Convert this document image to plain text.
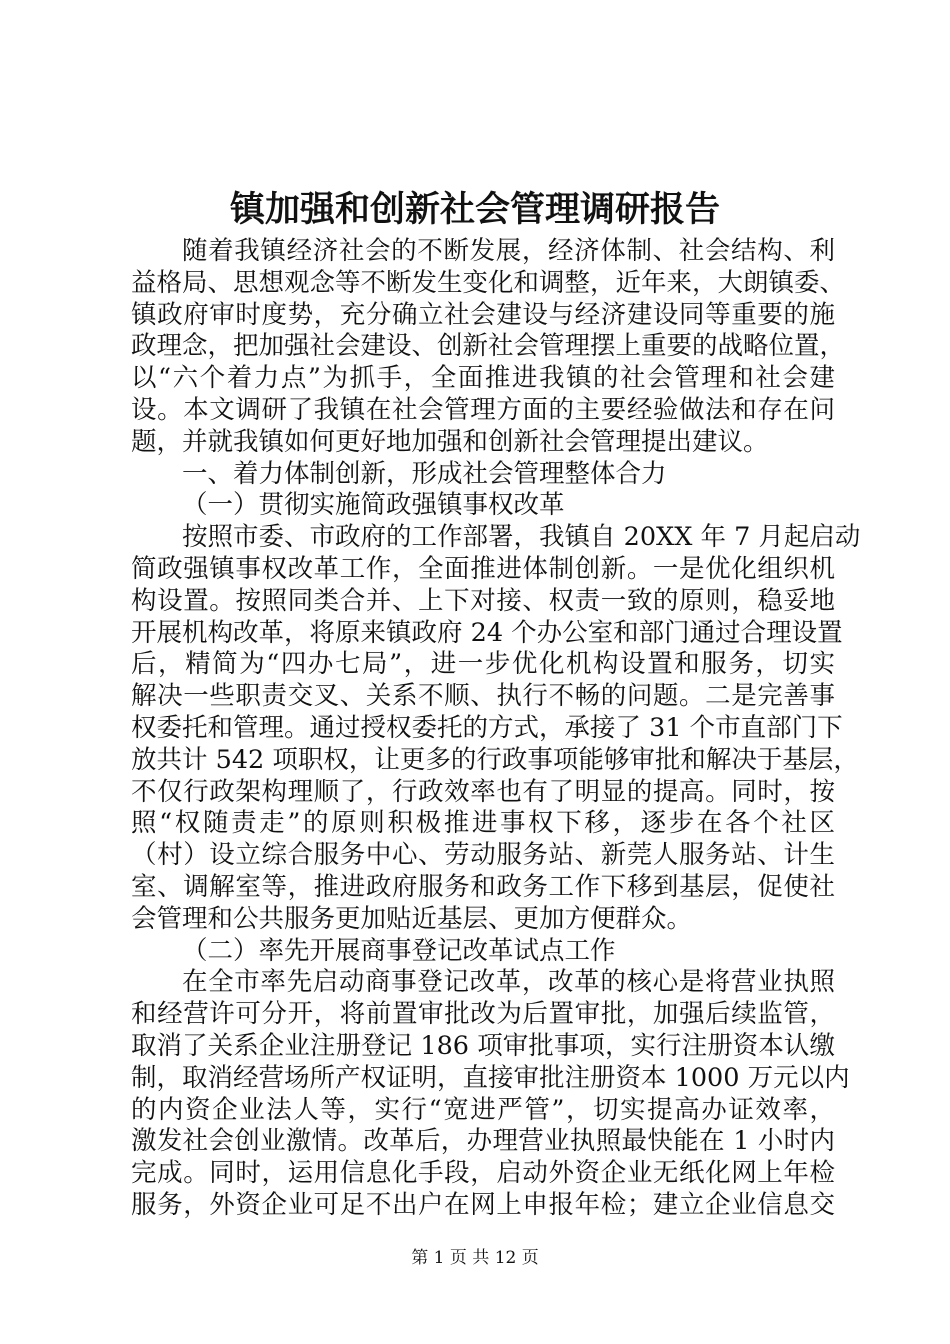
镇加强和创新社会管理调研报告
随着我镇经济社会的不断发展，经济体制、社会结构、利
益格局、思想观念等不断发生变化和调整，近年来，大朗镇委、
镇政府审时度势，充分确立社会建设与经济建设同等重要的施
政理念，把加强社会建设、创新社会管理摆上重要的战略位置，
以“六个着力点”为抓手，全面推进我镇的社会管理和社会建
设。本文调研了我镇在社会管理方面的主要经验做法和存在问
题，并就我镇如何更好地加强和创新社会管理提出建议。
一、着力体制创新，形成社会管理整体合力
（一）贯彻实施简政强镇事权改革
按照市委、市政府的工作部署，我镇自 20XX 年 7 月起启动
简政强镇事权改革工作，全面推进体制创新。一是优化组织机
构设置。按照同类合并、上下对接、权责一致的原则，稳妥地
开展机构改革，将原来镇政府 24 个办公室和部门通过合理设置
后，精简为“四办七局”，进一步优化机构设置和服务，切实
解决一些职责交叉、关系不顺、执行不畅的问题。二是完善事
权委托和管理。通过授权委托的方式，承接了 31 个市直部门下
放共计 542 项职权，让更多的行政事项能够审批和解决于基层，
不仅行政架构理顺了，行政效率也有了明显的提高。同时，按
照“权随责走”的原则积极推进事权下移，逐步在各个社区
（村）设立综合服务中心、劳动服务站、新莞人服务站、计生
室、调解室等，推进政府服务和政务工作下移到基层，促使社
会管理和公共服务更加贴近基层、更加方便群众。
（二）率先开展商事登记改革试点工作
在全市率先启动商事登记改革，改革的核心是将营业执照
和经营许可分开，将前置审批改为后置审批，加强后续监管，
取消了关系企业注册登记 186 项审批事项，实行注册资本认缴
制，取消经营场所产权证明，直接审批注册资本 1000 万元以内
的内资企业法人等，实行“宽进严管”，切实提高办证效率，
激发社会创业激情。改革后，办理营业执照最快能在 1 小时内
完成。同时，运用信息化手段，启动外资企业无纸化网上年检
服务，外资企业可足不出户在网上申报年检；建立企业信息交
第 1 页 共 12 页
